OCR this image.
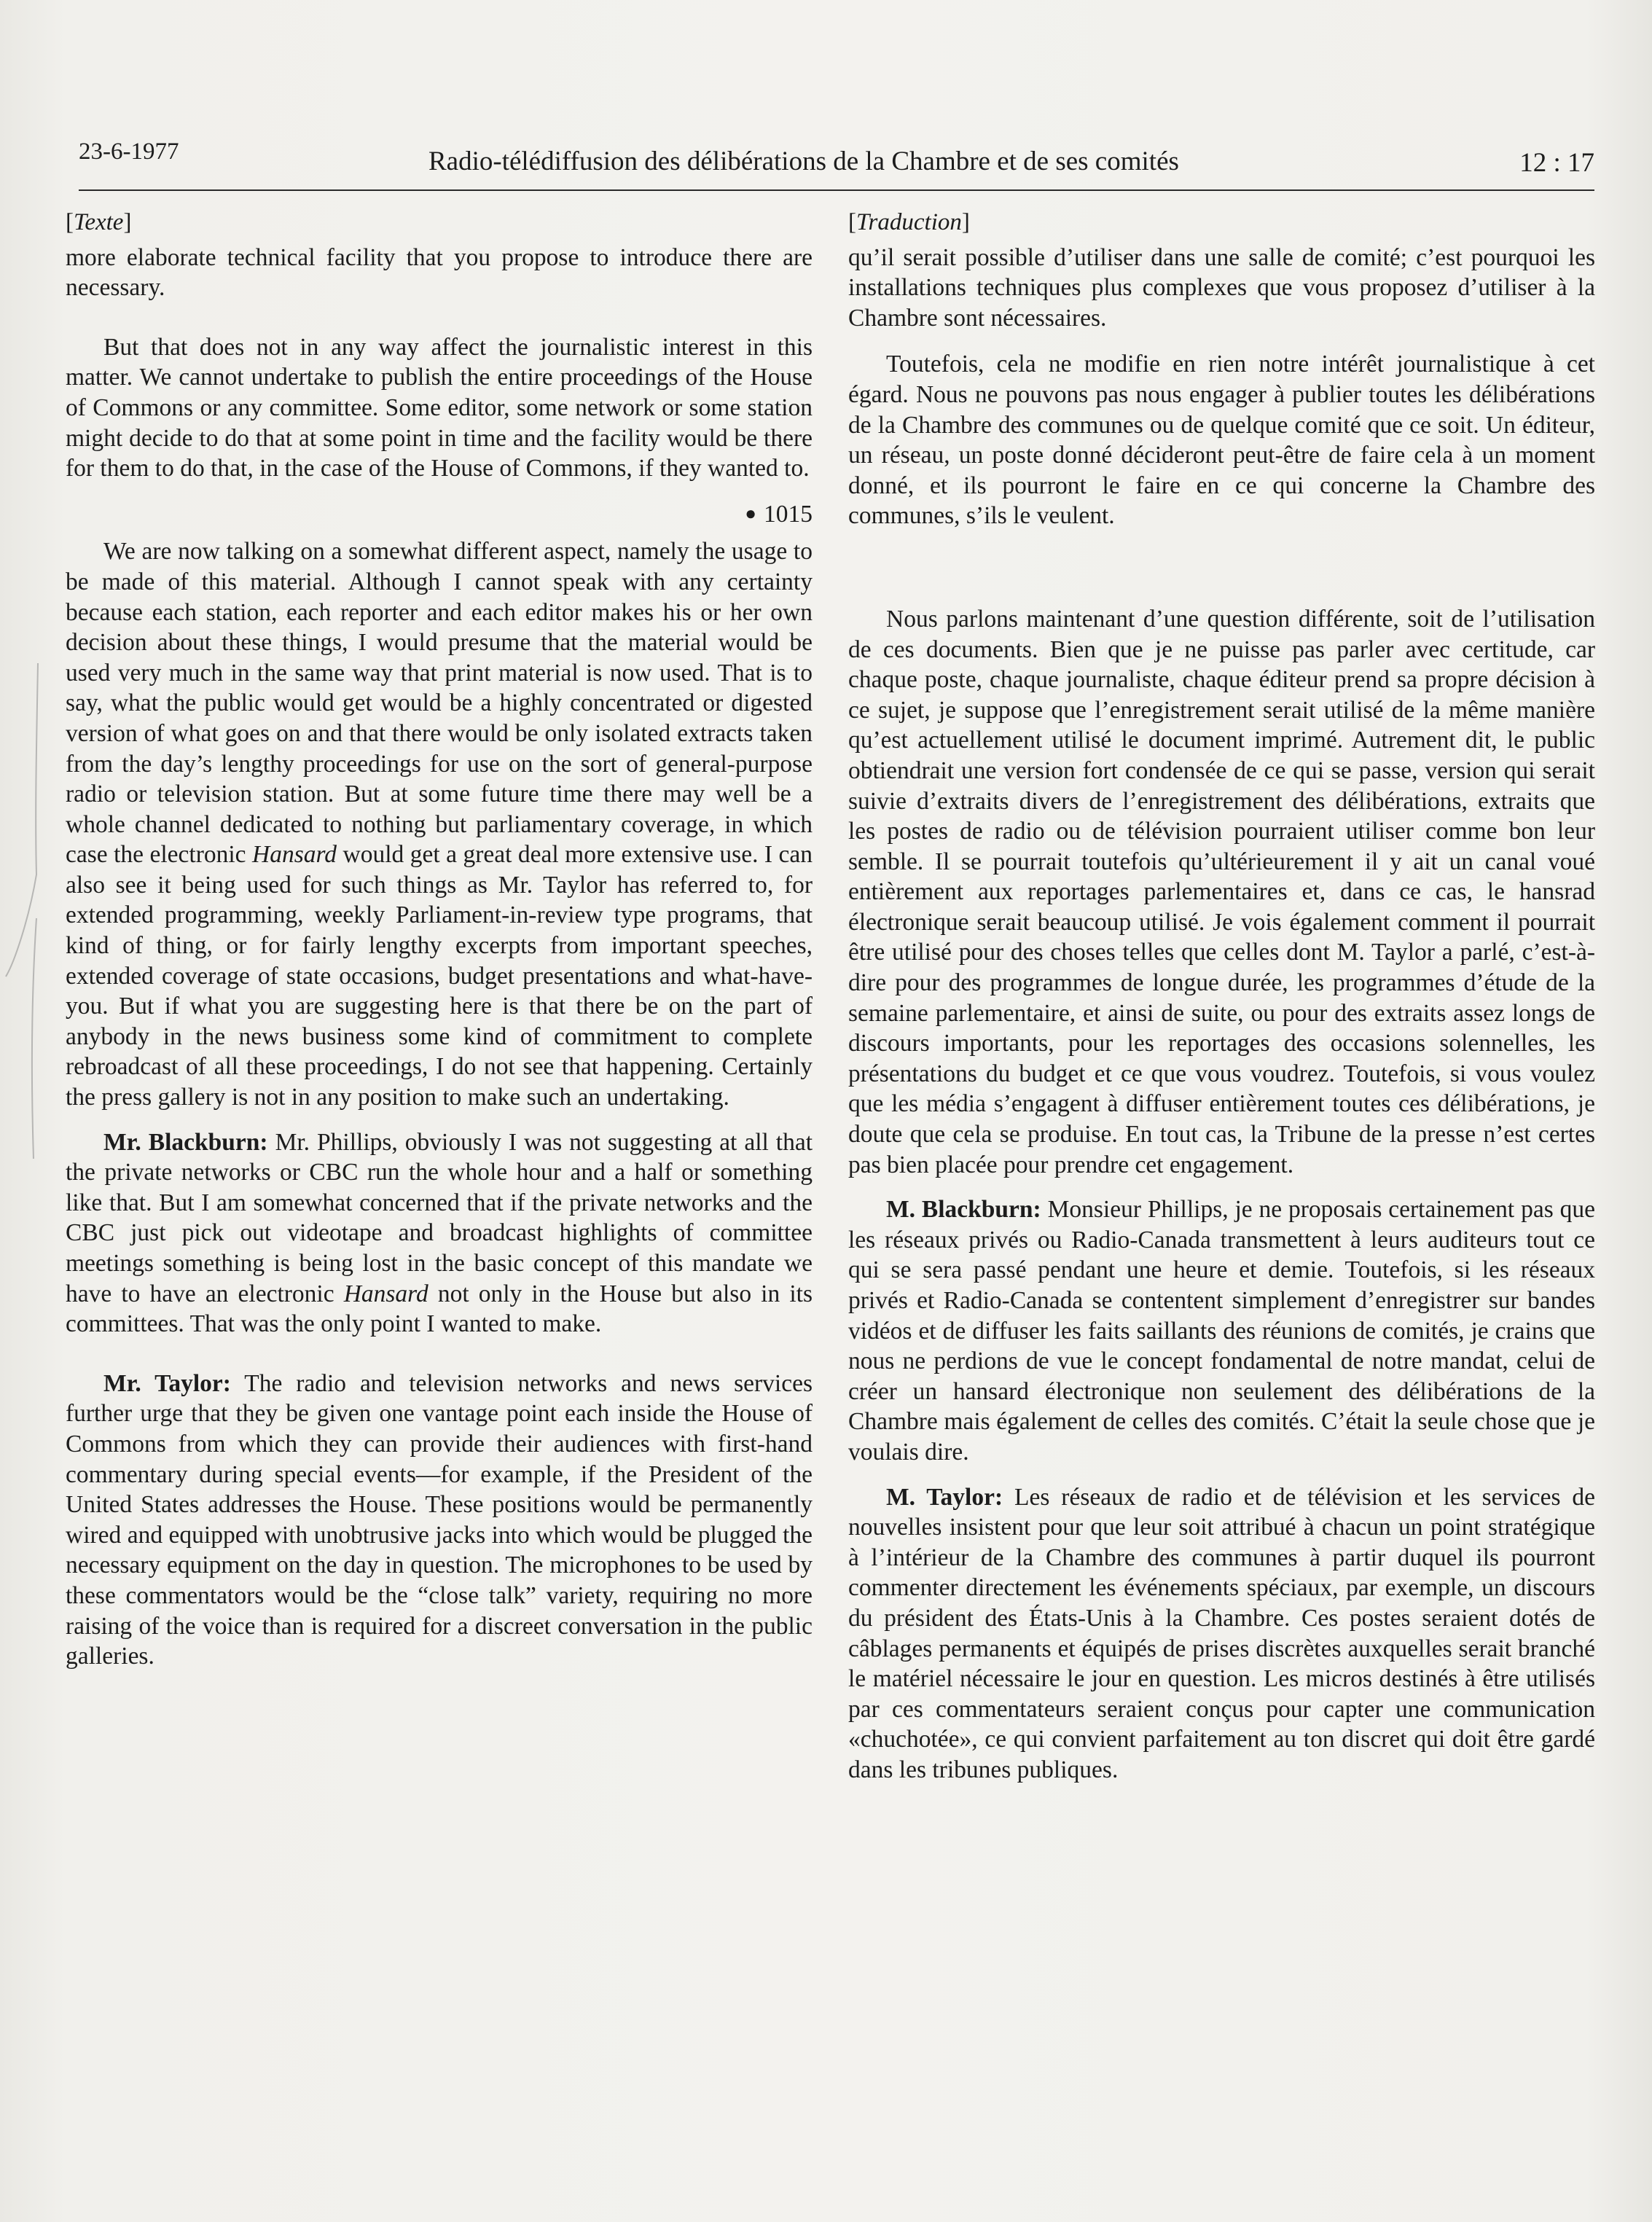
23-6-1977	Radio-télédiffusion des délibérations de la Chambre et de ses comités	12 : 17
[Texte]

more elaborate technical facility that you propose to introduce there are necessary.

But that does not in any way affect the journalistic interest in this matter. We cannot undertake to publish the entire proceedings of the House of Commons or any committee. Some editor, some network or some station might decide to do that at some point in time and the facility would be there for them to do that, in the case of the House of Commons, if they wanted to.

● 1015

We are now talking on a somewhat different aspect, namely the usage to be made of this material. Although I cannot speak with any certainty because each station, each reporter and each editor makes his or her own decision about these things, I would presume that the material would be used very much in the same way that print material is now used. That is to say, what the public would get would be a highly concentrated or digested version of what goes on and that there would be only isolated extracts taken from the day’s lengthy proceedings for use on the sort of general-purpose radio or television station. But at some future time there may well be a whole channel dedicated to nothing but parliamentary coverage, in which case the electronic Hansard would get a great deal more extensive use. I can also see it being used for such things as Mr. Taylor has referred to, for extended programming, weekly Parliament-in-review type programs, that kind of thing, or for fairly lengthy excerpts from important speeches, extended coverage of state occasions, budget presentations and what-have-you. But if what you are suggesting here is that there be on the part of anybody in the news business some kind of commitment to complete rebroadcast of all these proceedings, I do not see that happening. Certainly the press gallery is not in any position to make such an undertaking.

Mr. Blackburn: Mr. Phillips, obviously I was not suggesting at all that the private networks or CBC run the whole hour and a half or something like that. But I am somewhat concerned that if the private networks and the CBC just pick out videotape and broadcast highlights of committee meetings something is being lost in the basic concept of this mandate we have to have an electronic Hansard not only in the House but also in its committees. That was the only point I wanted to make.

Mr. Taylor: The radio and television networks and news services further urge that they be given one vantage point each inside the House of Commons from which they can provide their audiences with first-hand commentary during special events—for example, if the President of the United States addresses the House. These positions would be permanently wired and equipped with unobtrusive jacks into which would be plugged the necessary equipment on the day in question. The microphones to be used by these commentators would be the “close talk” variety, requiring no more raising of the voice than is required for a discreet conversation in the public galleries.

[Traduction]

qu’il serait possible d’utiliser dans une salle de comité; c’est pourquoi les installations techniques plus complexes que vous proposez d’utiliser à la Chambre sont nécessaires.

Toutefois, cela ne modifie en rien notre intérêt journalistique à cet égard. Nous ne pouvons pas nous engager à publier toutes les délibérations de la Chambre des communes ou de quelque comité que ce soit. Un éditeur, un réseau, un poste donné décideront peut-être de faire cela à un moment donné, et ils pourront le faire en ce qui concerne la Chambre des communes, s’ils le veulent.

Nous parlons maintenant d’une question différente, soit de l’utilisation de ces documents. Bien que je ne puisse pas parler avec certitude, car chaque poste, chaque journaliste, chaque éditeur prend sa propre décision à ce sujet, je suppose que l’enregistrement serait utilisé de la même manière qu’est actuellement utilisé le document imprimé. Autrement dit, le public obtiendrait une version fort condensée de ce qui se passe, version qui serait suivie d’extraits divers de l’enregistrement des délibérations, extraits que les postes de radio ou de télévision pourraient utiliser comme bon leur semble. Il se pourrait toutefois qu’ultérieurement il y ait un canal voué entièrement aux reportages parlementaires et, dans ce cas, le hansrad électronique serait beaucoup utilisé. Je vois également comment il pourrait être utilisé pour des choses telles que celles dont M. Taylor a parlé, c’est-à-dire pour des programmes de longue durée, les programmes d’étude de la semaine parlementaire, et ainsi de suite, ou pour des extraits assez longs de discours importants, pour les reportages des occasions solennelles, les présentations du budget et ce que vous voudrez. Toutefois, si vous voulez que les média s’engagent à diffuser entièrement toutes ces délibérations, je doute que cela se produise. En tout cas, la Tribune de la presse n’est certes pas bien placée pour prendre cet engagement.

M. Blackburn: Monsieur Phillips, je ne proposais certainement pas que les réseaux privés ou Radio-Canada transmettent à leurs auditeurs tout ce qui se sera passé pendant une heure et demie. Toutefois, si les réseaux privés et Radio-Canada se contentent simplement d’enregistrer sur bandes vidéos et de diffuser les faits saillants des réunions de comités, je crains que nous ne perdions de vue le concept fondamental de notre mandat, celui de créer un hansard électronique non seulement des délibérations de la Chambre mais également de celles des comités. C’était la seule chose que je voulais dire.

M. Taylor: Les réseaux de radio et de télévision et les services de nouvelles insistent pour que leur soit attribué à chacun un point stratégique à l’intérieur de la Chambre des communes à partir duquel ils pourront commenter directement les événements spéciaux, par exemple, un discours du président des États-Unis à la Chambre. Ces postes seraient dotés de câblages permanents et équipés de prises discrètes auxquelles serait branché le matériel nécessaire le jour en question. Les micros destinés à être utilisés par ces commentateurs seraient conçus pour capter une communication «chuchotée», ce qui convient parfaitement au ton discret qui doit être gardé dans les tribunes publiques.
